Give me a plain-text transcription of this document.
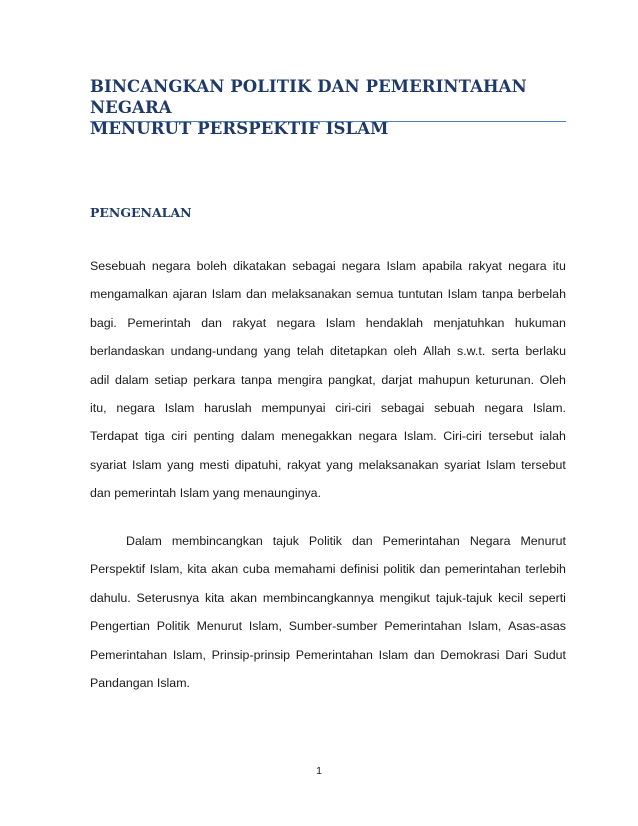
BINCANGKAN POLITIK DAN PEMERINTAHAN NEGARA
MENURUT PERSPEKTIF ISLAM
PENGENALAN
Sesebuah negara boleh dikatakan sebagai negara Islam apabila rakyat negara itu
mengamalkan ajaran Islam dan melaksanakan semua tuntutan Islam tanpa berbelah
bagi. Pemerintah dan rakyat negara Islam hendaklah menjatuhkan hukuman
berlandaskan undang-undang yang telah ditetapkan oleh Allah s.w.t. serta berlaku
adil dalam setiap perkara tanpa mengira pangkat, darjat mahupun keturunan. Oleh
itu, negara Islam haruslah mempunyai ciri-ciri sebagai sebuah negara Islam.
Terdapat tiga ciri penting dalam menegakkan negara Islam. Ciri-ciri tersebut ialah
syariat Islam yang mesti dipatuhi, rakyat yang melaksanakan syariat Islam tersebut
dan pemerintah Islam yang menaunginya.
Dalam membincangkan tajuk Politik dan Pemerintahan Negara Menurut
Perspektif Islam, kita akan cuba memahami definisi politik dan pemerintahan terlebih
dahulu. Seterusnya kita akan membincangkannya mengikut tajuk-tajuk kecil seperti
Pengertian Politik Menurut Islam, Sumber-sumber Pemerintahan Islam, Asas-asas
Pemerintahan Islam, Prinsip-prinsip Pemerintahan Islam dan Demokrasi Dari Sudut
Pandangan Islam.
1
